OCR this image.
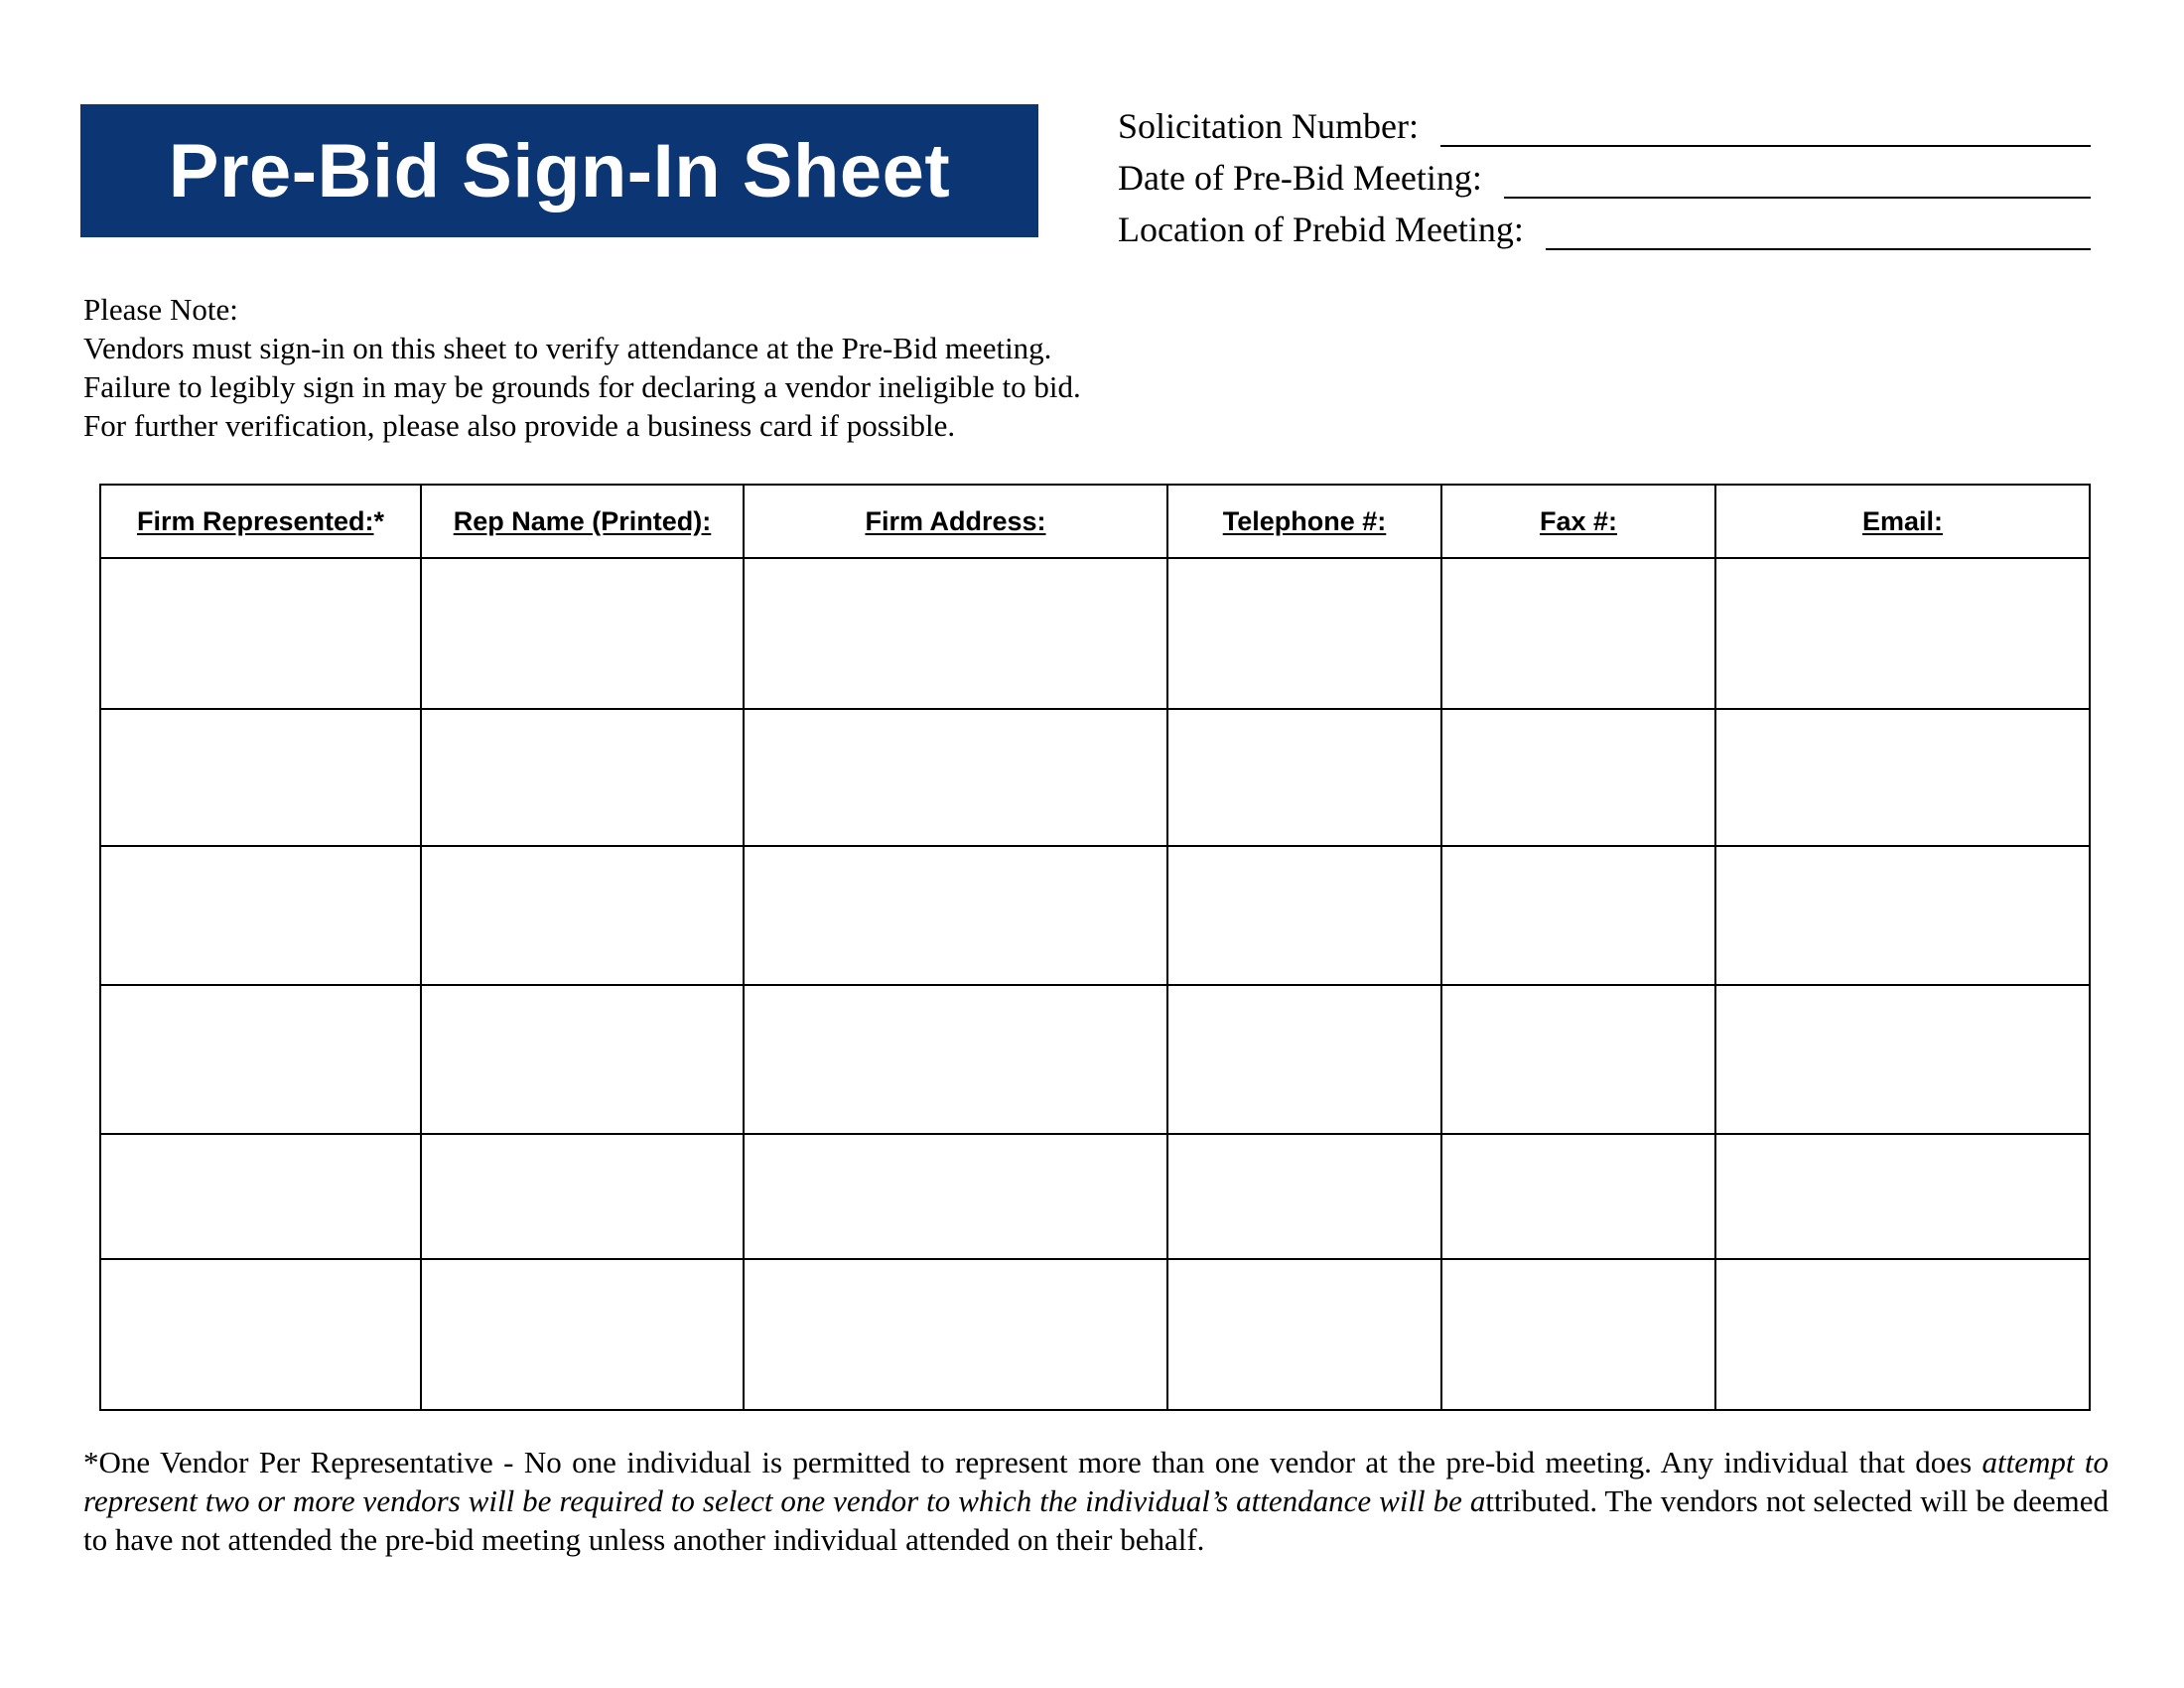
Pre-Bid Sign-In Sheet
Solicitation Number:
Date of Pre-Bid Meeting:
Location of Prebid Meeting:
Please Note:
Vendors must sign-in on this sheet to verify attendance at the Pre-Bid meeting.
Failure to legibly sign in may be grounds for declaring a vendor ineligible to bid.
For further verification, please also provide a business card if possible.
Firm Represented:*	Rep Name (Printed):	Firm Address:	Telephone #:	Fax #:	Email:

*One Vendor Per Representative - No one individual is permitted to represent more than one vendor at the pre-bid meeting. Any individual that does attempt to represent two or more vendors will be required to select one vendor to which the individual’s attendance will be attributed. The vendors not selected will be deemed to have not attended the pre-bid meeting unless another individual attended on their behalf.
